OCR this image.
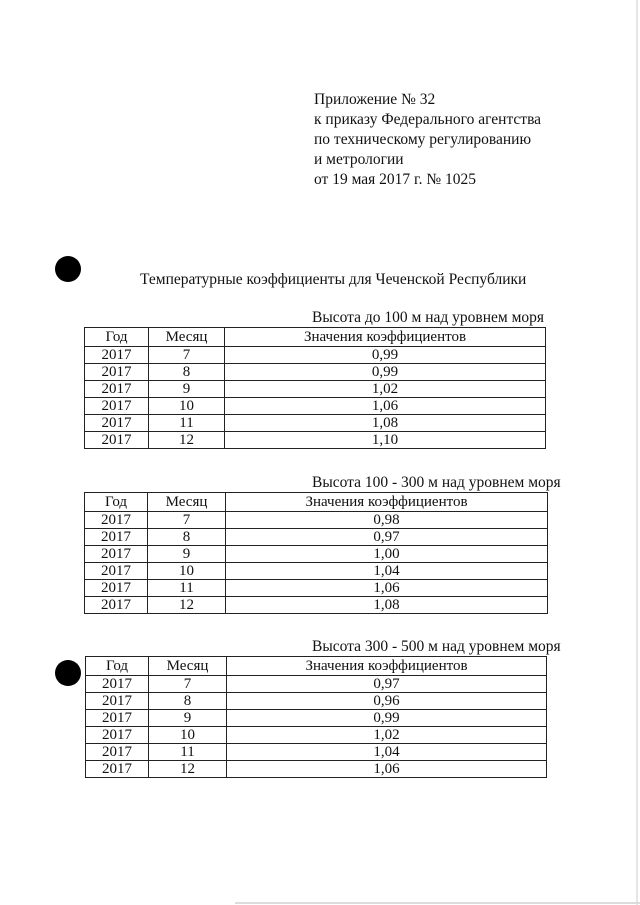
Приложение № 32
к приказу Федерального агентства
по техническому регулированию
и метрологии
от 19 мая 2017 г. № 1025
Температурные коэффициенты для Чеченской Республики
Высота до 100 м над уровнем моря
Год	Месяц	Значения коэффициентов
2017	7	0,99
2017	8	0,99
2017	9	1,02
2017	10	1,06
2017	11	1,08
2017	12	1,10
Высота 100 - 300 м над уровнем моря
Год	Месяц	Значения коэффициентов
2017	7	0,98
2017	8	0,97
2017	9	1,00
2017	10	1,04
2017	11	1,06
2017	12	1,08
Высота 300 - 500 м над уровнем моря
Год	Месяц	Значения коэффициентов
2017	7	0,97
2017	8	0,96
2017	9	0,99
2017	10	1,02
2017	11	1,04
2017	12	1,06
